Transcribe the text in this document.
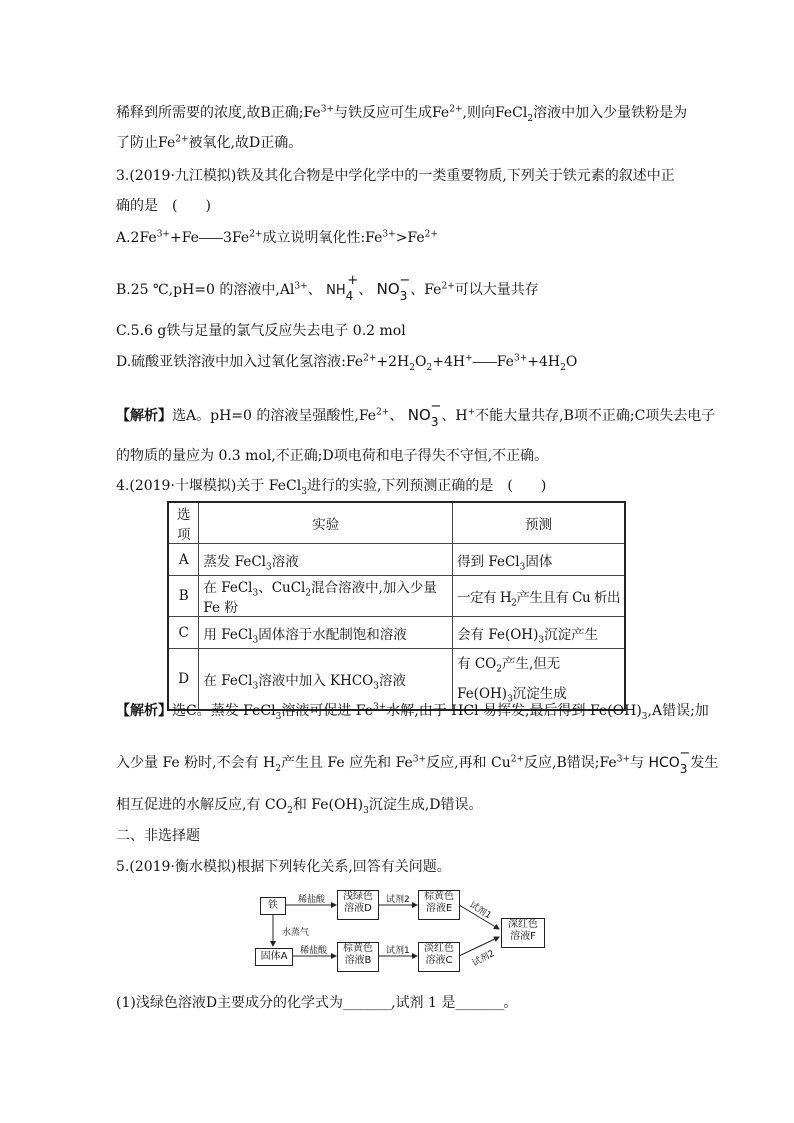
稀释到所需要的浓度,故B正确$;Fe^{3+}$与铁反应可生成$Fe^{2+}$,则向FeCl$_2$溶液中加入少量铁粉是为
了防止$Fe^{2+}$被氧化,故D正确。
3.(2019·九江模拟)铁及其化合物是中学化学中的一类重要物质,下列关于铁元素的叙述中正
确的是　(　　)
$A.2Fe^{3+}+Fe────3Fe^{2+}$成立说明氧化性$:Fe^{3+}>Fe^{2+}$
B.25 ℃,pH=0 的溶液中$,Al^{3+}$、 NH4+、 NO3−、$Fe^{2+}$可以大量共存
C.5.6 g铁与足量的氯气反应失去电子 0.2 mol
D.硫酸亚铁溶液中加入过氧化氢溶液$:Fe^{2+}+2H_2O_2+4H^+────Fe^{3+}+4H_2O$
【解析】选A。pH=0 的溶液呈强酸性$,Fe^{2+}$、 NO3−、H+不能大量共存,B项不正确;C项失去电子
的物质的量应为 0.3 mol,不正确;D项电荷和电子得失不守恒,不正确。
4.(2019·十堰模拟)关于 FeCl$_3$进行的实验,下列预测正确的是　(　　)
选项	实验	预测
A	蒸发 FeCl$_3$溶液	得到 FeCl$_3$固体
B	在 FeCl$_3$、CuCl$_2$混合溶液中,加入少量 Fe 粉	一定有 $H_2$产生且有 Cu 析出
C	用 FeCl$_3$固体溶于水配制饱和溶液	会有 $Fe(OH)_3$沉淀产生
D	在 FeCl$_3$溶液中加入 $KHCO_3$溶液	有 $CO_2$产生,但无
$Fe(OH)_3$沉淀生成
【解析】选C。蒸发 FeCl$_3$溶液可促进 $Fe^{3+}$水解,由于 HCl 易挥发,最后得到 $Fe(OH)_3,A$错误;加
入少量 Fe 粉时,不会有 $H_2$产生且 Fe 应先和 $Fe^{3+}$反应,再和 $Cu^{2+}$反应,B错误$;Fe^{3+}$与 HCO3−发生
相互促进的水解反应,有 $CO_2$和 $Fe(OH)_3$沉淀生成,D错误。
二、非选择题
5.(2019·衡水模拟)根据下列转化关系,回答有关问题。
铁	稀盐酸	浅绿色
溶液D
试剂2	棕黄色
溶液E	试剂1
深红色
溶液F
水蒸气
固体A	稀盐酸	棕黄色
溶液B
试剂1	淡红色
溶液C	试剂2
(1)浅绿色溶液D主要成分的化学式为________,试剂 1 是________。
